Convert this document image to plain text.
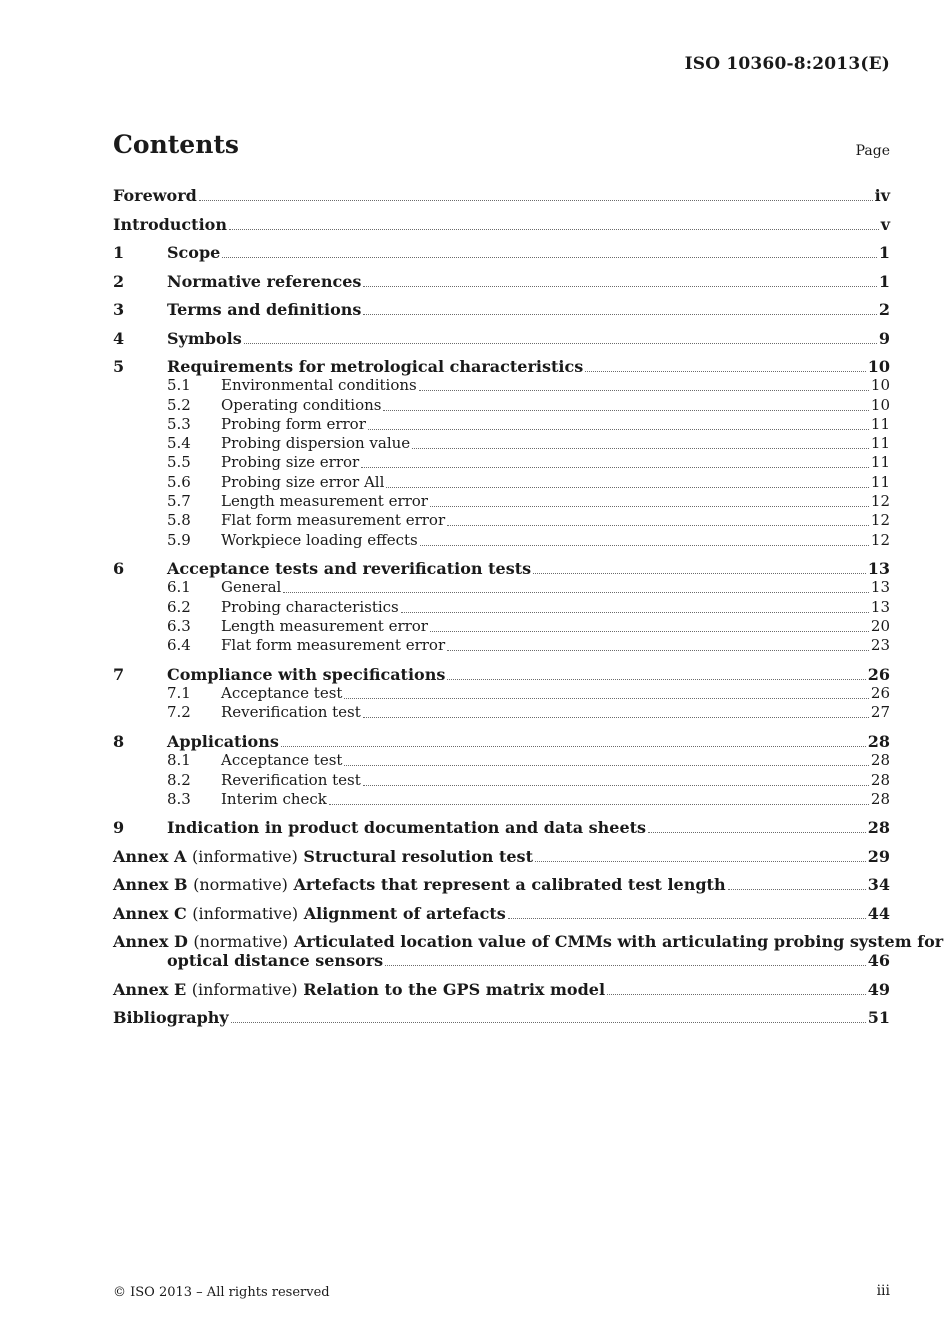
ISO 10360-8:2013(E)
Contents	Page
Foreword	iv
Introduction	v
1	Scope	1
2	Normative references	1
3	Terms and definitions	2
4	Symbols	9
5	Requirements for metrological characteristics	10
5.1	Environmental conditions	10
5.2	Operating conditions	10
5.3	Probing form error	11
5.4	Probing dispersion value	11
5.5	Probing size error	11
5.6	Probing size error All	11
5.7	Length measurement error	12
5.8	Flat form measurement error	12
5.9	Workpiece loading effects	12
6	Acceptance tests and reverification tests	13
6.1	General	13
6.2	Probing characteristics	13
6.3	Length measurement error	20
6.4	Flat form measurement error	23
7	Compliance with specifications	26
7.1	Acceptance test	26
7.2	Reverification test	27
8	Applications	28
8.1	Acceptance test	28
8.2	Reverification test	28
8.3	Interim check	28
9	Indication in product documentation and data sheets	28
Annex A (informative) Structural resolution test	29
Annex B (normative) Artefacts that represent a calibrated test length	34
Annex C (informative) Alignment of artefacts	44
Annex D (normative) Articulated location value of CMMs with articulating probing system for
optical distance sensors	46
Annex E (informative) Relation to the GPS matrix model	49
Bibliography	51
© ISO 2013 – All rights reserved	iii
